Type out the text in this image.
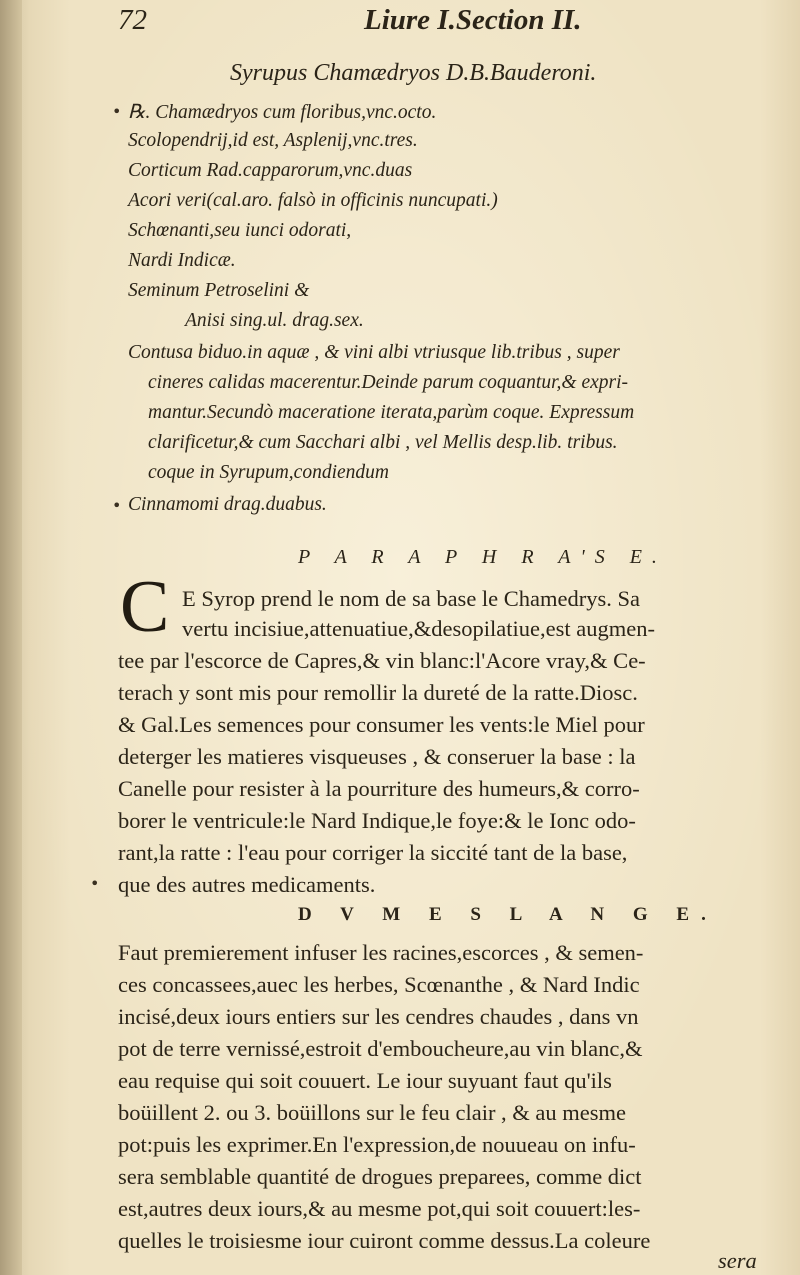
72	Liure I.Section II.
Syrupus Chamædryos D.B.Bauderoni.
℞. Chamædryos cum floribus,vnc.octo.
Scolopendrij,id est, Asplenij,vnc.tres.
Corticum Rad.capparorum,vnc.duas
Acori veri(cal.aro. falsò in officinis nuncupati.)
Schœnanti,seu iunci odorati,
Nardi Indicæ.
Seminum Petroselini &
Anisi sing.ul. drag.sex.
Contusa biduo.in aquæ , & vini albi vtriusque lib.tribus , super
cineres calidas macerentur.Deinde parum coquantur,& expri-
mantur.Secundò maceratione iterata,parùm coque. Expressum
clarificetur,& cum Sacchari albi , vel Mellis desp.lib. tribus.
coque in Syrupum,condiendum
Cinnamomi drag.duabus.
P A R A P H R A'S E.
C E Syrop prend le nom de sa base le Chamedrys. Sa
vertu incisiue,attenuatiue,&desopilatiue,est augmen-
tee par l'escorce de Capres,& vin blanc:l'Acore vray,& Ce-
terach y sont mis pour remollir la dureté de la ratte.Diosc.
& Gal.Les semences pour consumer les vents:le Miel pour
deterger les matieres visqueuses , & conseruer la base : la
Canelle pour resister à la pourriture des humeurs,& corro-
borer le ventricule:le Nard Indique,le foye:& le Ionc odo-
rant,la ratte : l'eau pour corriger la siccité tant de la base,
que des autres medicaments.
D V M E S L A N G E.
Faut premierement infuser les racines,escorces , & semen-
ces concassees,auec les herbes, Scœnanthe , & Nard Indic
incisé,deux iours entiers sur les cendres chaudes , dans vn
pot de terre vernissé,estroit d'emboucheure,au vin blanc,&
eau requise qui soit couuert. Le iour suyuant faut qu'ils
boüillent 2. ou 3. boüillons sur le feu clair , & au mesme
pot:puis les exprimer.En l'expression,de nouueau on infu-
sera semblable quantité de drogues preparees, comme dict
est,autres deux iours,& au mesme pot,qui soit couuert:les-
quelles le troisiesme iour cuiront comme dessus.La coleure
sera
•
•
•
